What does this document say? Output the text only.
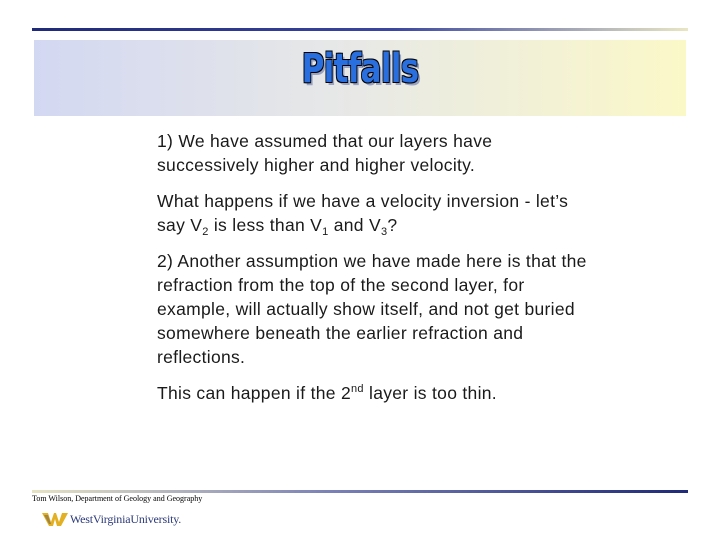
Pitfalls

1) We have assumed that our layers have successively higher and higher velocity.

What happens if we have a velocity inversion - let’s say $V_2$ is less than $V_1$ and $V_3$?

2) Another assumption we have made here is that the refraction from the top of the second layer, for example, will actually show itself, and not get buried somewhere beneath the earlier refraction and reflections.

This can happen if the 2nd layer is too thin.

Tom Wilson, Department of Geology and Geography
WestVirginiaUniversity.
